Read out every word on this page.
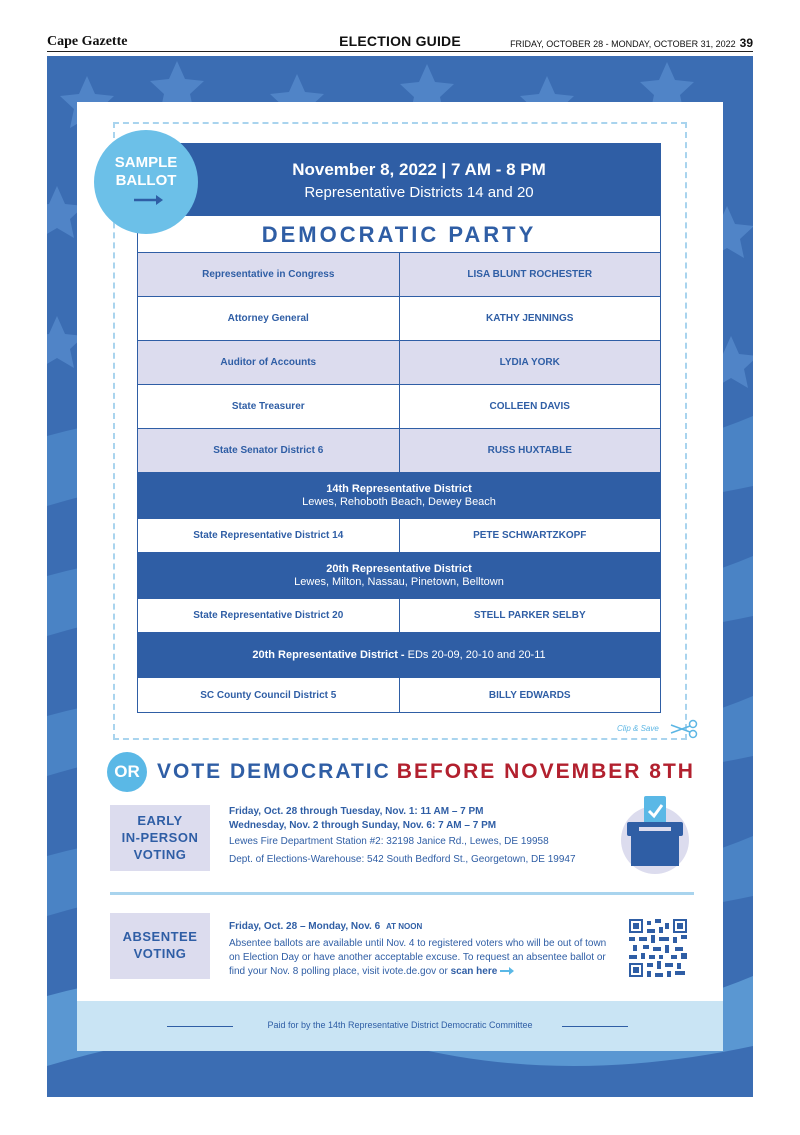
Cape Gazette	ELECTION GUIDE	FRIDAY, OCTOBER 28 - MONDAY, OCTOBER 31, 2022 39
Clip & Save
SAMPLE
BALLOT
November 8, 2022 | 7 AM - 8 PM
Representative Districts 14 and 20
DEMOCRATIC PARTY
Representative in Congress	LISA BLUNT ROCHESTER
Attorney General	KATHY JENNINGS
Auditor of Accounts	LYDIA YORK
State Treasurer	COLLEEN DAVIS
State Senator District 6	RUSS HUXTABLE
14th Representative District
Lewes, Rehoboth Beach, Dewey Beach
State Representative District 14	PETE SCHWARTZKOPF
20th Representative District
Lewes, Milton, Nassau, Pinetown, Belltown
State Representative District 20	STELL PARKER SELBY
20th Representative District - EDs 20-09, 20-10 and 20-11
SC County Council District 5	BILLY EDWARDS
OR VOTE DEMOCRATIC BEFORE NOVEMBER 8TH
EARLY
IN-PERSON
VOTING
Friday, Oct. 28 through Tuesday, Nov. 1: 11 AM – 7 PM
Wednesday, Nov. 2 through Sunday, Nov. 6: 7 AM – 7 PM
Lewes Fire Department Station #2: 32198 Janice Rd., Lewes, DE 19958
Dept. of Elections-Warehouse: 542 South Bedford St., Georgetown, DE 19947
ABSENTEE
VOTING
Friday, Oct. 28 – Monday, Nov. 6 AT NOON
Absentee ballots are available until Nov. 4 to registered voters who will be out of town on Election Day or have another acceptable excuse. To request an absentee ballot or find your Nov. 8 polling place, visit ivote.de.gov or scan here
Paid for by the 14th Representative District Democratic Committee
